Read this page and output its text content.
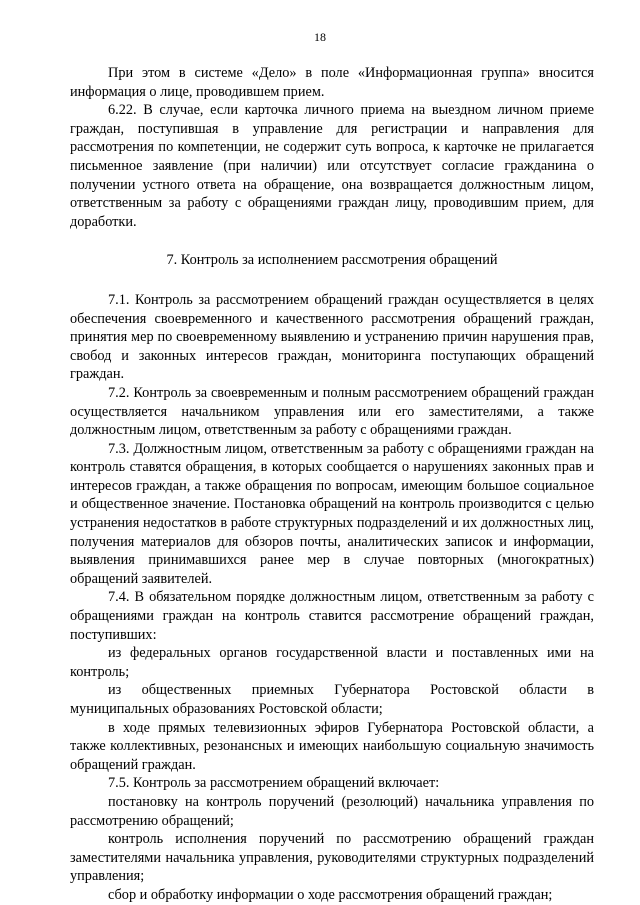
18

При этом в системе «Дело» в поле «Информационная группа» вносится информация о лице, проводившем прием.

6.22. В случае, если карточка личного приема на выездном личном приеме граждан, поступившая в управление для регистрации и направления для рассмотрения по компетенции, не содержит суть вопроса, к карточке не прилагается письменное заявление (при наличии) или отсутствует согласие гражданина о получении устного ответа на обращение, она возвращается должностным лицом, ответственным за работу с обращениями граждан лицу, проводившим прием, для доработки.

7. Контроль за исполнением рассмотрения обращений

7.1. Контроль за рассмотрением обращений граждан осуществляется в целях обеспечения своевременного и качественного рассмотрения обращений граждан, принятия мер по своевременному выявлению и устранению причин нарушения прав, свобод и законных интересов граждан, мониторинга поступающих обращений граждан.

7.2. Контроль за своевременным и полным рассмотрением обращений граждан осуществляется начальником управления или его заместителями, а также должностным лицом, ответственным за работу с обращениями граждан.

7.3. Должностным лицом, ответственным за работу с обращениями граждан на контроль ставятся обращения, в которых сообщается о нарушениях законных прав и интересов граждан, а также обращения по вопросам, имеющим большое социальное и общественное значение. Постановка обращений на контроль производится с целью устранения недостатков в работе структурных подразделений и их должностных лиц, получения материалов для обзоров почты, аналитических записок и информации, выявления принимавшихся ранее мер в случае повторных (многократных) обращений заявителей.

7.4. В обязательном порядке должностным лицом, ответственным за работу с обращениями граждан на контроль ставится рассмотрение обращений граждан, поступивших:

из федеральных органов государственной власти и поставленных ими на контроль;

из общественных приемных Губернатора Ростовской области в муниципальных образованиях Ростовской области;

в ходе прямых телевизионных эфиров Губернатора Ростовской области, а также коллективных, резонансных и имеющих наибольшую социальную значимость обращений граждан.

7.5. Контроль за рассмотрением обращений включает:

постановку на контроль поручений (резолюций) начальника управления по рассмотрению обращений;

контроль исполнения поручений по рассмотрению обращений граждан заместителями начальника управления, руководителями структурных подразделений управления;

сбор и обработку информации о ходе рассмотрения обращений граждан;
